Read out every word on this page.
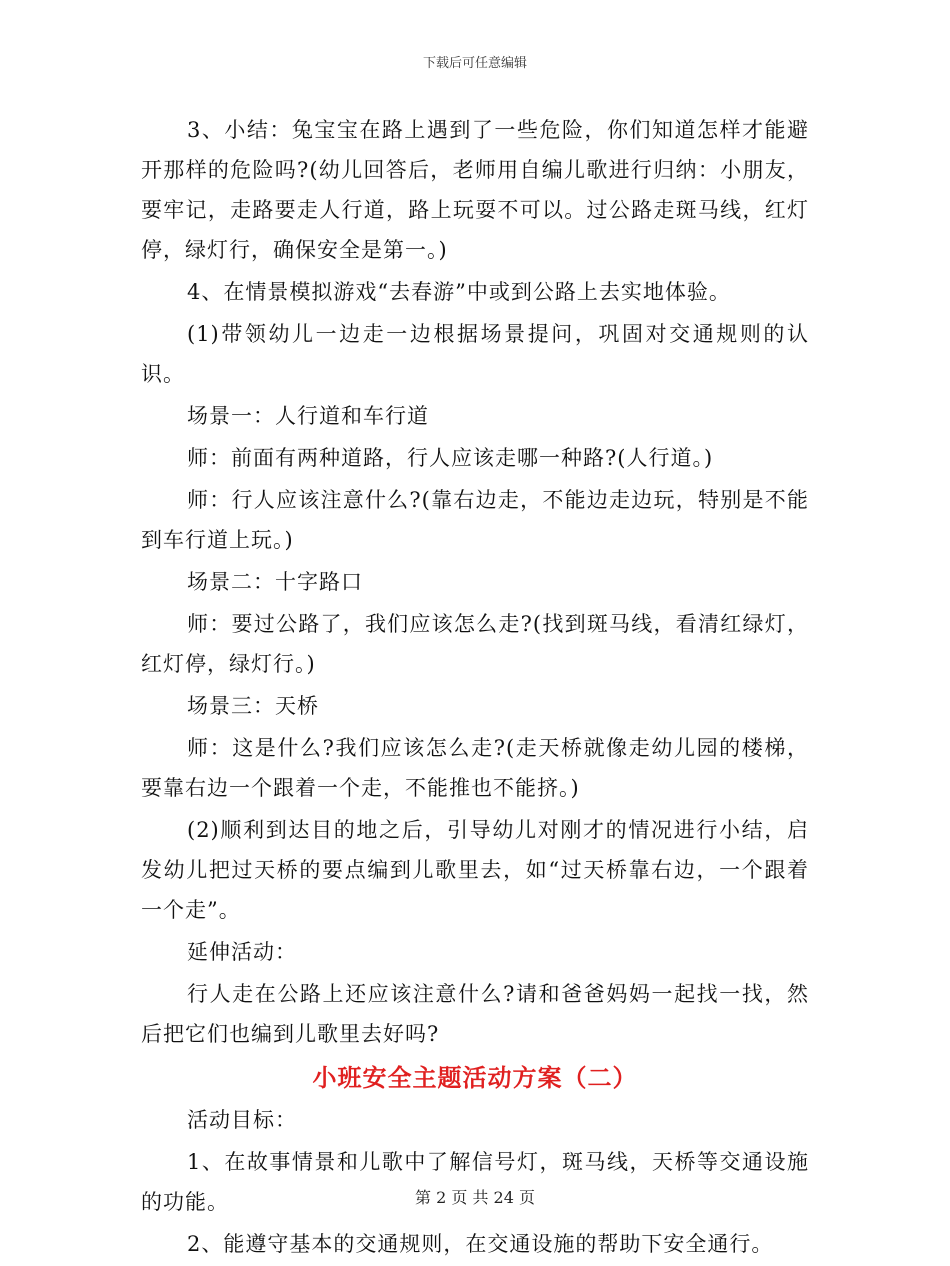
下载后可任意编辑

3、小结：兔宝宝在路上遇到了一些危险，你们知道怎样才能避开那样的危险吗?(幼儿回答后，老师用自编儿歌进行归纳：小朋友，要牢记，走路要走人行道，路上玩耍不可以。过公路走斑马线，红灯停，绿灯行，确保安全是第一。)

4、在情景模拟游戏“去春游”中或到公路上去实地体验。

(1)带领幼儿一边走一边根据场景提问，巩固对交通规则的认识。

场景一：人行道和车行道

师：前面有两种道路，行人应该走哪一种路?(人行道。)

师：行人应该注意什么?(靠右边走，不能边走边玩，特别是不能到车行道上玩。)

场景二：十字路口

师：要过公路了，我们应该怎么走?(找到斑马线，看清红绿灯，红灯停，绿灯行。)

场景三：天桥

师：这是什么?我们应该怎么走?(走天桥就像走幼儿园的楼梯，要靠右边一个跟着一个走，不能推也不能挤。)

(2)顺利到达目的地之后，引导幼儿对刚才的情况进行小结，启发幼儿把过天桥的要点编到儿歌里去，如“过天桥靠右边，一个跟着一个走”。

延伸活动：

行人走在公路上还应该注意什么?请和爸爸妈妈一起找一找，然后把它们也编到儿歌里去好吗?

小班安全主题活动方案（二）

活动目标：

1、在故事情景和儿歌中了解信号灯，斑马线，天桥等交通设施的功能。

2、能遵守基本的交通规则，在交通设施的帮助下安全通行。

第 2 页 共 24 页
